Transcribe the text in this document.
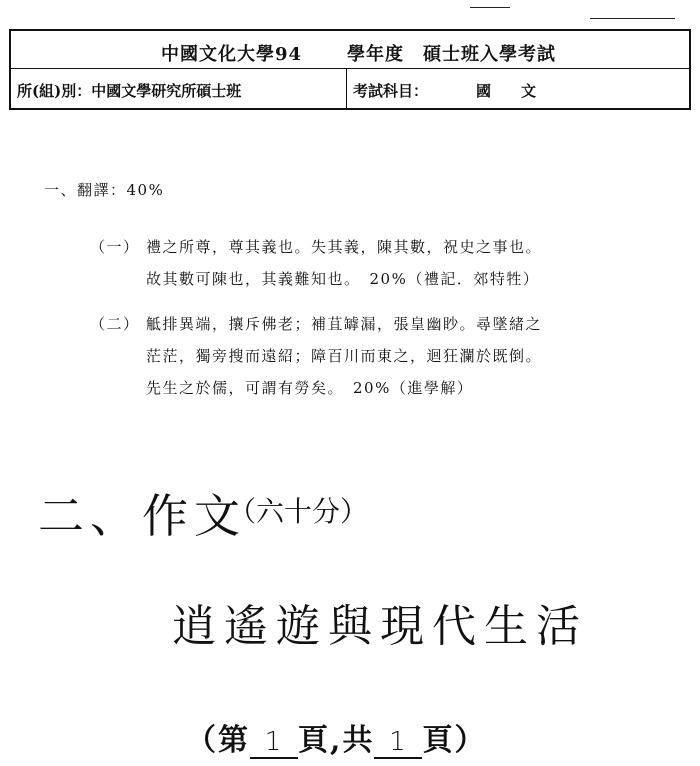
中國文化大學94 學年度　碩士班入學考試
所(組)別：中國文學研究所碩士班	考試科目：	國　　文
一、翻譯：40%
（一） 禮之所尊，尊其義也。失其義，陳其數，祝史之事也。
故其數可陳也，其義難知也。　20%（禮記．郊特牲）
（二） 觝排異端，攘斥佛老；補苴罅漏，張皇幽眇。尋墜緒之
茫茫，獨旁搜而遠紹；障百川而東之，迴狂瀾於既倒。
先生之於儒，可謂有勞矣。　20%（進學解）
二、作文
（六十分）
逍遙遊與現代生活
（第 1 頁,共 1 頁）
